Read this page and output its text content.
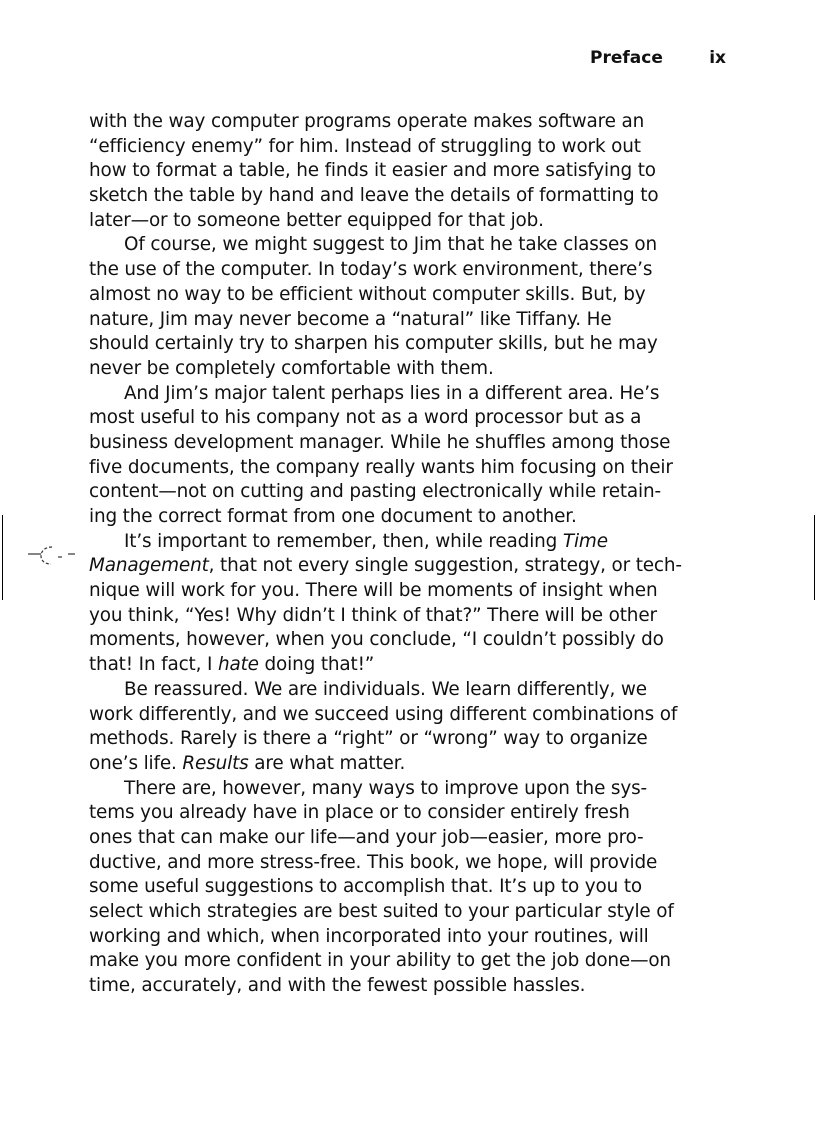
Preface	ix
with the way computer programs operate makes software an
“efficiency enemy” for him. Instead of struggling to work out
how to format a table, he finds it easier and more satisfying to
sketch the table by hand and leave the details of formatting to
later—or to someone better equipped for that job.
Of course, we might suggest to Jim that he take classes on
the use of the computer. In today’s work environment, there’s
almost no way to be efficient without computer skills. But, by
nature, Jim may never become a “natural” like Tiffany. He
should certainly try to sharpen his computer skills, but he may
never be completely comfortable with them.
And Jim’s major talent perhaps lies in a different area. He’s
most useful to his company not as a word processor but as a
business development manager. While he shuffles among those
five documents, the company really wants him focusing on their
content—not on cutting and pasting electronically while retain-
ing the correct format from one document to another.
It’s important to remember, then, while reading Time
Management, that not every single suggestion, strategy, or tech-
nique will work for you. There will be moments of insight when
you think, “Yes! Why didn’t I think of that?” There will be other
moments, however, when you conclude, “I couldn’t possibly do
that! In fact, I hate doing that!”
Be reassured. We are individuals. We learn differently, we
work differently, and we succeed using different combinations of
methods. Rarely is there a “right” or “wrong” way to organize
one’s life. Results are what matter.
There are, however, many ways to improve upon the sys-
tems you already have in place or to consider entirely fresh
ones that can make our life—and your job—easier, more pro-
ductive, and more stress-free. This book, we hope, will provide
some useful suggestions to accomplish that. It’s up to you to
select which strategies are best suited to your particular style of
working and which, when incorporated into your routines, will
make you more confident in your ability to get the job done—on
time, accurately, and with the fewest possible hassles.
